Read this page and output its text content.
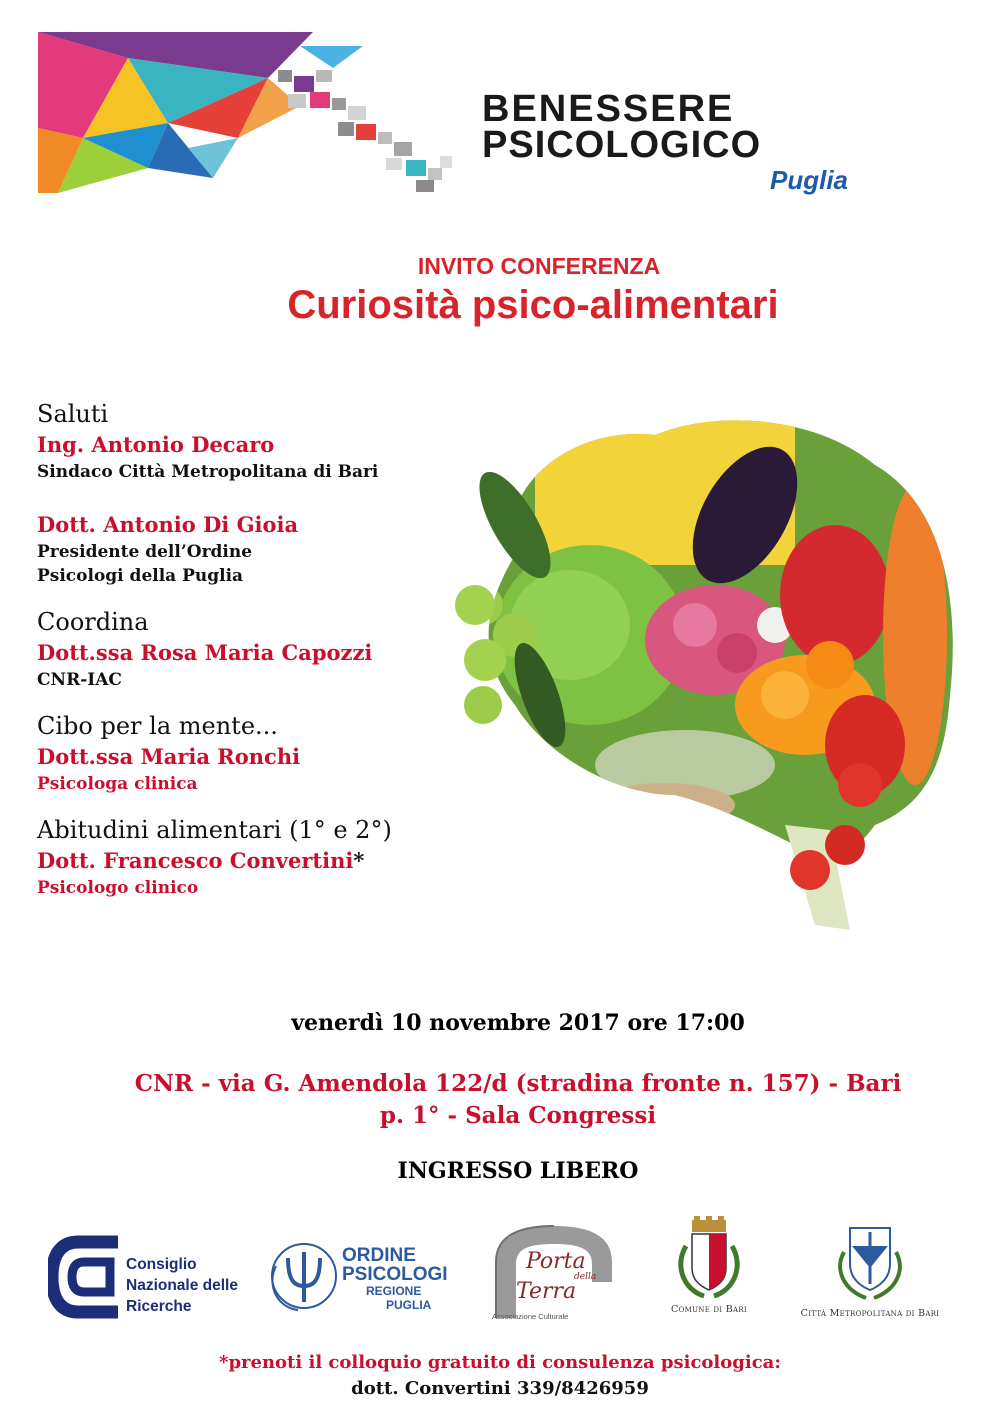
BENESSERE
PSICOLOGICO
Puglia
INVITO CONFERENZA
Curiosità psico-alimentari
Saluti
Ing. Antonio Decaro
Sindaco Città Metropolitana di Bari
Dott. Antonio Di Gioia
Presidente dell’Ordine
Psicologi della Puglia
Coordina
Dott.ssa Rosa Maria Capozzi
CNR-IAC
Cibo per la mente...
Dott.ssa Maria Ronchi
Psicologa clinica
Abitudini alimentari (1° e 2°)
Dott. Francesco Convertini*
Psicologo clinico
venerdì 10 novembre 2017 ore 17:00
CNR - via G. Amendola 122/d (stradina fronte n. 157) - Bari
p. 1° - Sala Congressi
INGRESSO LIBERO
Consiglio
Nazionale delle
Ricerche
ORDINE
PSICOLOGI
REGIONE
PUGLIA
Porta
della
Terra
Associazione Culturale
Comune di Bari	Città Metropolitana di Bari
*prenoti il colloquio gratuito di consulenza psicologica:
dott. Convertini 339/8426959
